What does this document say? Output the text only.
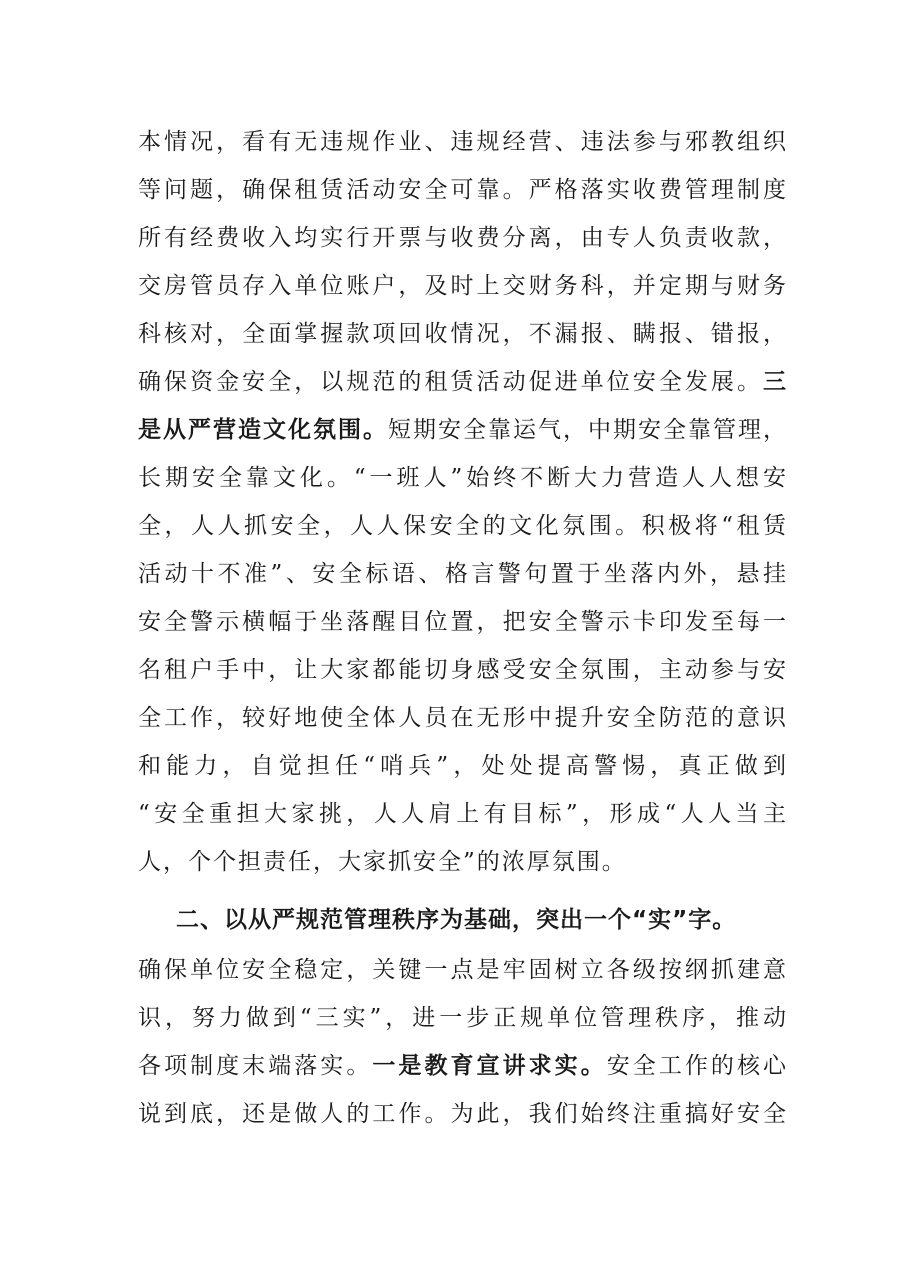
本情况，看有无违规作业、违规经营、违法参与邪教组织
等问题，确保租赁活动安全可靠。严格落实收费管理制度
所有经费收入均实行开票与收费分离，由专人负责收款，
交房管员存入单位账户，及时上交财务科，并定期与财务
科核对，全面掌握款项回收情况，不漏报、瞒报、错报，
确保资金安全，以规范的租赁活动促进单位安全发展。三
是从严营造文化氛围。短期安全靠运气，中期安全靠管理，
长期安全靠文化。“一班人”始终不断大力营造人人想安
全，人人抓安全，人人保安全的文化氛围。积极将“租赁
活动十不准”、安全标语、格言警句置于坐落内外，悬挂
安全警示横幅于坐落醒目位置，把安全警示卡印发至每一
名租户手中，让大家都能切身感受安全氛围，主动参与安
全工作，较好地使全体人员在无形中提升安全防范的意识
和能力，自觉担任“哨兵”，处处提高警惕，真正做到
“安全重担大家挑，人人肩上有目标”，形成“人人当主
人，个个担责任，大家抓安全”的浓厚氛围。
二、以从严规范管理秩序为基础，突出一个“实”字。
确保单位安全稳定，关键一点是牢固树立各级按纲抓建意
识，努力做到“三实”，进一步正规单位管理秩序，推动
各项制度末端落实。一是教育宣讲求实。安全工作的核心
说到底，还是做人的工作。为此，我们始终注重搞好安全
